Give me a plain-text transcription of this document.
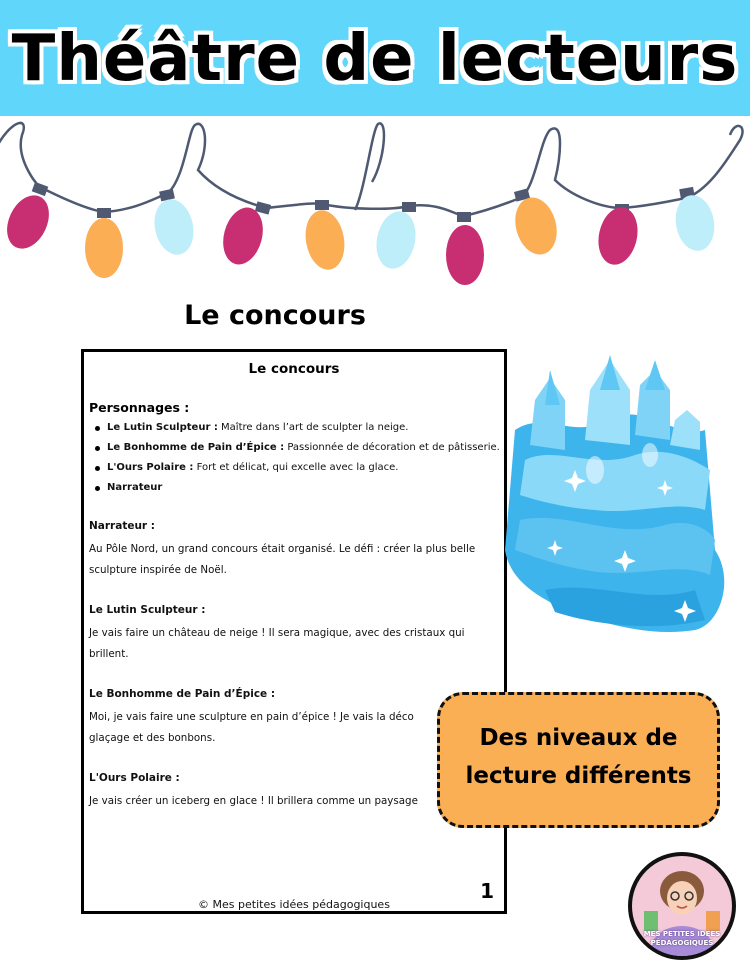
Théâtre de lecteurs
Le concours
Le concours
Personnages :
Le Lutin Sculpteur : Maître dans l’art de sculpter la neige.
Le Bonhomme de Pain d’Épice : Passionnée de décoration et de pâtisserie.
L'Ours Polaire : Fort et délicat, qui excelle avec la glace.
Narrateur
Narrateur :
Au Pôle Nord, un grand concours était organisé. Le défi : créer la plus belle
sculpture inspirée de Noël.
Le Lutin Sculpteur :
Je vais faire un château de neige ! Il sera magique, avec des cristaux qui
brillent.
Le Bonhomme de Pain d’Épice :
Moi, je vais faire une sculpture en pain d’épice ! Je vais la déco
glaçage et des bonbons.
L'Ours Polaire :
Je vais créer un iceberg en glace ! Il brillera comme un paysage
1
© Mes petites idées pédagogiques
Des niveaux de
lecture différents
MES PETITES IDÉES PÉDAGOGIQUES
